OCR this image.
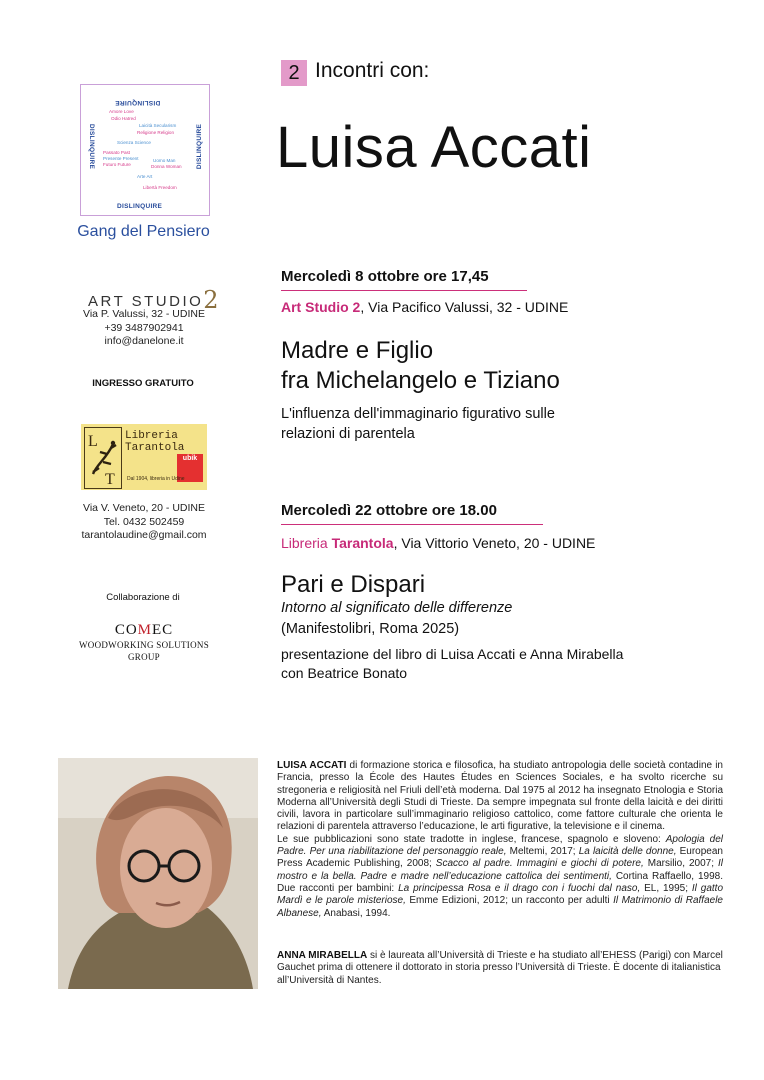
2 Incontri con:
Luisa Accati
DISLINQUIRE
DISLINQUIRE
DISLINQUIRE	DISLINQUIRE
Amore Love
Odio Hatred
Laicità Secularism
Religione Religion
Scienza Science
Passato Past
Presente Present
Futuro Future
Uomo Man
Donna Woman
Arte Art
Libertà Freedom
Gang del Pensiero
ART STUDIO2
Via P. Valussi, 32 - UDINE
+39 3487902941
info@danelone.it
INGRESSO GRATUITO
L
T
Libreria
Tarantola
ubik
Dal 1904, libreria in Udine
Via V. Veneto, 20 - UDINE
Tel. 0432 502459
tarantolaudine@gmail.com
Collaborazione di
COMEC
WOODWORKING SOLUTIONS
GROUP
Mercoledì 8 ottobre ore 17,45
Art Studio 2, Via Pacifico Valussi, 32 - UDINE
Madre e Figlio
fra Michelangelo e Tiziano
L'influenza dell'immaginario figurativo sulle
relazioni di parentela
Mercoledì 22 ottobre ore 18.00
Libreria Tarantola, Via Vittorio Veneto, 20 - UDINE
Pari e Dispari
Intorno al significato delle differenze
(Manifestolibri, Roma 2025)
presentazione del libro di Luisa Accati e Anna Mirabella
con Beatrice Bonato
LUISA ACCATI di formazione storica e filosofica, ha studiato antropologia delle società contadine in Francia, presso la École des Hautes Études en Sciences Sociales, e ha svolto ricerche su stregoneria e religiosità nel Friuli dell’età moderna. Dal 1975 al 2012 ha insegnato Etnologia e Storia Moderna all’Università degli Studi di Trieste. Da sempre impegnata sul fronte della laicità e dei diritti civili, lavora in particolare sull’immaginario religioso cattolico, come fattore culturale che orienta le relazioni di parentela attraverso l’educazione, le arti figurative, la televisione e il cinema.
Le sue pubblicazioni sono state tradotte in inglese, francese, spagnolo e sloveno: Apologia del Padre. Per una riabilitazione del personaggio reale, Meltemi, 2017; La laicità delle donne, European Press Academic Publishing, 2008; Scacco al padre. Immagini e giochi di potere, Marsilio, 2007; Il mostro e la bella. Padre e madre nell’educazione cattolica dei sentimenti, Cortina Raffaello, 1998. Due racconti per bambini: La principessa Rosa e il drago con i fuochi dal naso, EL, 1995; Il gatto Mardì e le parole misteriose, Emme Edizioni, 2012; un racconto per adulti Il Matrimonio di Raffaele Albanese, Anabasi, 1994.
ANNA MIRABELLA si è laureata all’Università di Trieste e ha studiato all’EHESS (Parigi) con Marcel Gauchet prima di ottenere il dottorato in storia presso l’Università di Trieste. È docente di italianistica all’Università di Nantes.
